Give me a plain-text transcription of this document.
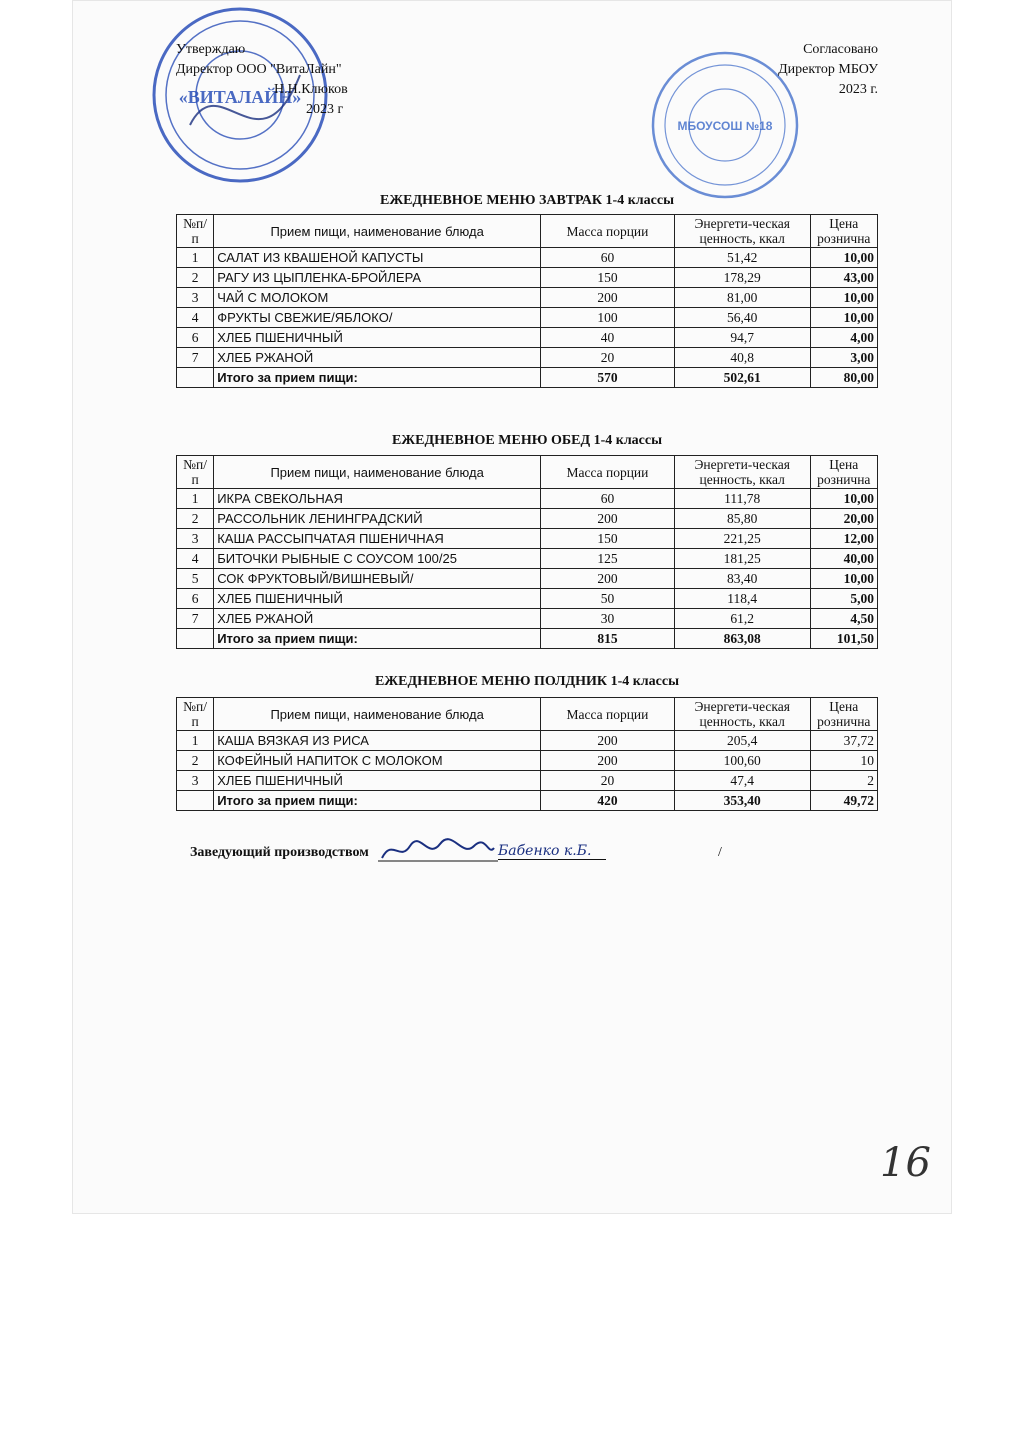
«ВИТАЛАЙН»
МБОУСОШ №18
Утверждаю
Директор ООО "ВитаЛайн"
Н.Н.Клюков
2023 г
Согласовано
Директор МБОУ
2023 г.
ЕЖЕДНЕВНОЕ МЕНЮ ЗАВТРАК 1-4 классы
№п/п	Прием пищи, наименование блюда	Масса порции	Энергети-ческая ценность, ккал	Цена рознична
1	САЛАТ ИЗ КВАШЕНОЙ КАПУСТЫ	60	51,42	10,00
2	РАГУ ИЗ ЦЫПЛЕНКА-БРОЙЛЕРА	150	178,29	43,00
3	ЧАЙ С МОЛОКОМ	200	81,00	10,00
4	ФРУКТЫ СВЕЖИЕ/ЯБЛОКО/	100	56,40	10,00
6	ХЛЕБ ПШЕНИЧНЫЙ	40	94,7	4,00
7	ХЛЕБ РЖАНОЙ	20	40,8	3,00
	Итого за прием пищи:	570	502,61	80,00
ЕЖЕДНЕВНОЕ МЕНЮ ОБЕД 1-4 классы
№п/п	Прием пищи, наименование блюда	Масса порции	Энергети-ческая ценность, ккал	Цена рознична
1	ИКРА СВЕКОЛЬНАЯ	60	111,78	10,00
2	РАССОЛЬНИК ЛЕНИНГРАДСКИЙ	200	85,80	20,00
3	КАША РАССЫПЧАТАЯ ПШЕНИЧНАЯ	150	221,25	12,00
4	БИТОЧКИ РЫБНЫЕ С СОУСОМ 100/25	125	181,25	40,00
5	СОК ФРУКТОВЫЙ/ВИШНЕВЫЙ/	200	83,40	10,00
6	ХЛЕБ ПШЕНИЧНЫЙ	50	118,4	5,00
7	ХЛЕБ РЖАНОЙ	30	61,2	4,50
	Итого за прием пищи:	815	863,08	101,50
ЕЖЕДНЕВНОЕ МЕНЮ ПОЛДНИК 1-4 классы
№п/п	Прием пищи, наименование блюда	Масса порции	Энергети-ческая ценность, ккал	Цена рознична
1	КАША ВЯЗКАЯ ИЗ РИСА	200	205,4	37,72
2	КОФЕЙНЫЙ НАПИТОК С МОЛОКОМ	200	100,60	10
3	ХЛЕБ ПШЕНИЧНЫЙ	20	47,4	2
	Итого за прием пищи:	420	353,40	49,72
Заведующий производством	Бабенко к.Б.	/
16
